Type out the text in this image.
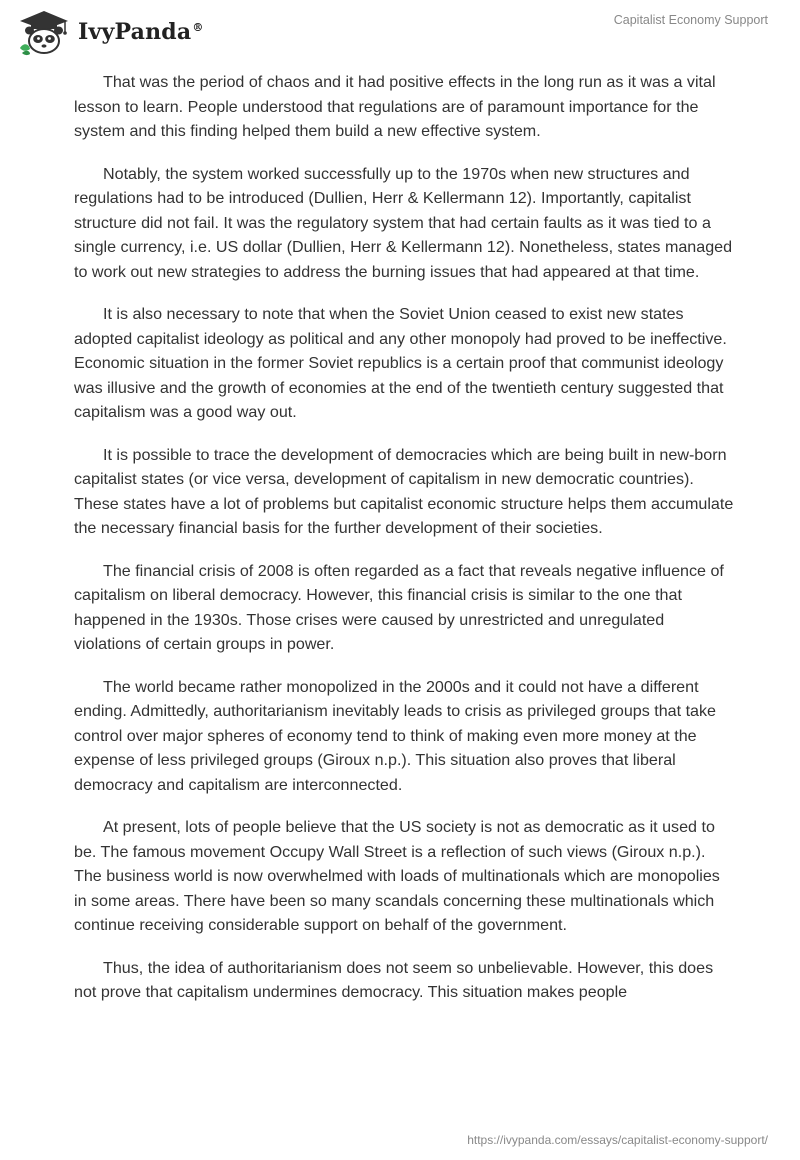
IvyPanda®
Capitalist Economy Support

That was the period of chaos and it had positive effects in the long run as it was a vital lesson to learn. People understood that regulations are of paramount importance for the system and this finding helped them build a new effective system.

Notably, the system worked successfully up to the 1970s when new structures and regulations had to be introduced (Dullien, Herr & Kellermann 12). Importantly, capitalist structure did not fail. It was the regulatory system that had certain faults as it was tied to a single currency, i.e. US dollar (Dullien, Herr & Kellermann 12). Nonetheless, states managed to work out new strategies to address the burning issues that had appeared at that time.

It is also necessary to note that when the Soviet Union ceased to exist new states adopted capitalist ideology as political and any other monopoly had proved to be ineffective. Economic situation in the former Soviet republics is a certain proof that communist ideology was illusive and the growth of economies at the end of the twentieth century suggested that capitalism was a good way out.

It is possible to trace the development of democracies which are being built in new-born capitalist states (or vice versa, development of capitalism in new democratic countries). These states have a lot of problems but capitalist economic structure helps them accumulate the necessary financial basis for the further development of their societies.

The financial crisis of 2008 is often regarded as a fact that reveals negative influence of capitalism on liberal democracy. However, this financial crisis is similar to the one that happened in the 1930s. Those crises were caused by unrestricted and unregulated violations of certain groups in power.

The world became rather monopolized in the 2000s and it could not have a different ending. Admittedly, authoritarianism inevitably leads to crisis as privileged groups that take control over major spheres of economy tend to think of making even more money at the expense of less privileged groups (Giroux n.p.). This situation also proves that liberal democracy and capitalism are interconnected.

At present, lots of people believe that the US society is not as democratic as it used to be. The famous movement Occupy Wall Street is a reflection of such views (Giroux n.p.). The business world is now overwhelmed with loads of multinationals which are monopolies in some areas. There have been so many scandals concerning these multinationals which continue receiving considerable support on behalf of the government.

Thus, the idea of authoritarianism does not seem so unbelievable. However, this does not prove that capitalism undermines democracy. This situation makes people

https://ivypanda.com/essays/capitalist-economy-support/
